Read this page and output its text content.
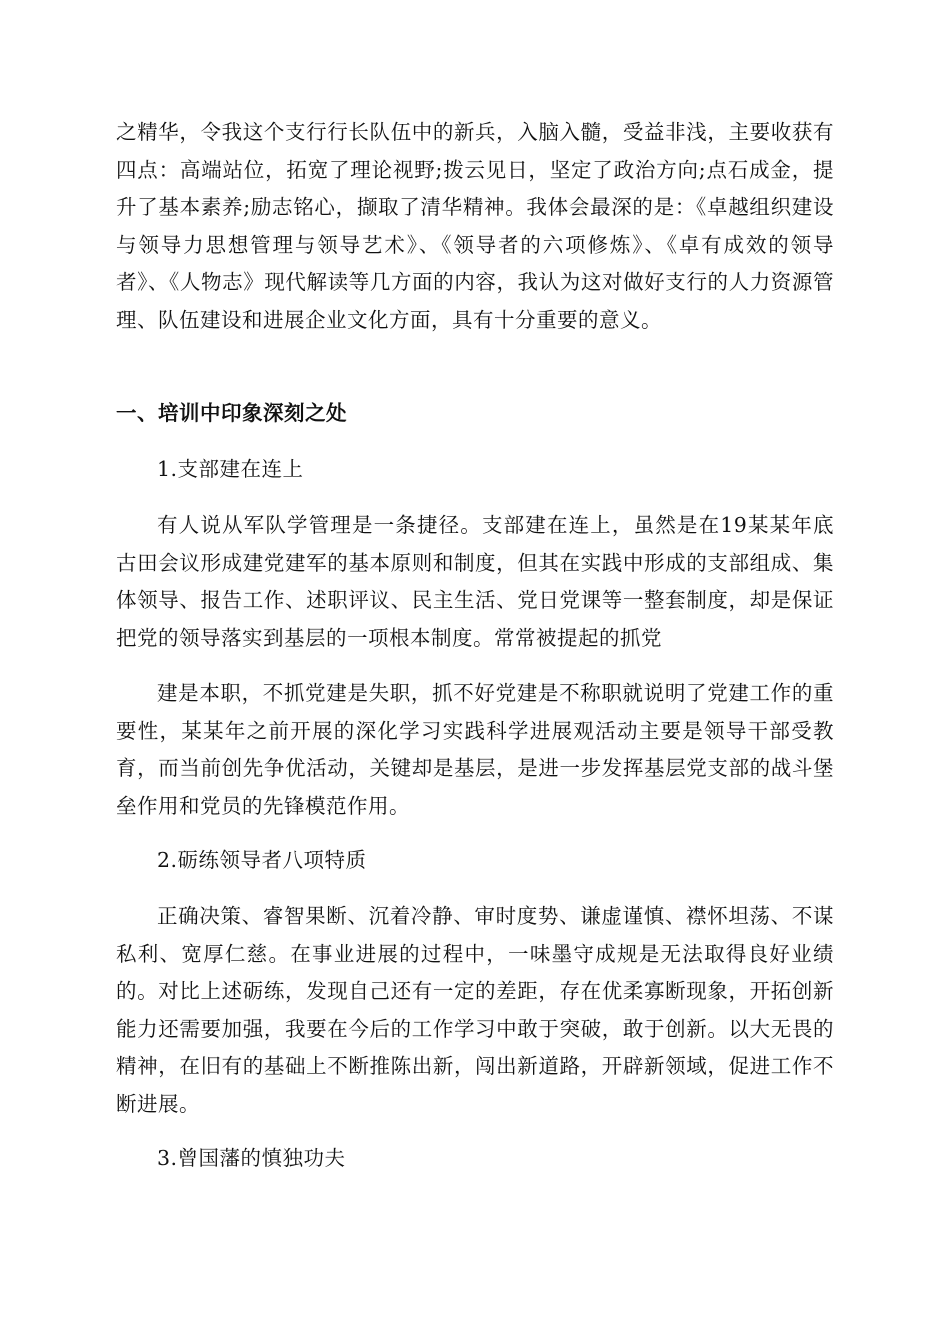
之精华，令我这个支行行长队伍中的新兵，入脑入髓，受益非浅，主要收获有四点：高端站位，拓宽了理论视野;拨云见日，坚定了政治方向;点石成金，提升了基本素养;励志铭心，撷取了清华精神。我体会最深的是：《卓越组织建设与领导力思想管理与领导艺术》、《领导者的六项修炼》、《卓有成效的领导者》、《人物志》现代解读等几方面的内容，我认为这对做好支行的人力资源管理、队伍建设和进展企业文化方面，具有十分重要的意义。

一、培训中印象深刻之处

1.支部建在连上

有人说从军队学管理是一条捷径。支部建在连上，虽然是在19某某年底古田会议形成建党建军的基本原则和制度，但其在实践中形成的支部组成、集体领导、报告工作、述职评议、民主生活、党日党课等一整套制度，却是保证把党的领导落实到基层的一项根本制度。常常被提起的抓党

建是本职，不抓党建是失职，抓不好党建是不称职就说明了党建工作的重要性，某某年之前开展的深化学习实践科学进展观活动主要是领导干部受教育，而当前创先争优活动，关键却是基层，是进一步发挥基层党支部的战斗堡垒作用和党员的先锋模范作用。

2.砺练领导者八项特质

正确决策、睿智果断、沉着冷静、审时度势、谦虚谨慎、襟怀坦荡、不谋私利、宽厚仁慈。在事业进展的过程中，一味墨守成规是无法取得良好业绩的。对比上述砺练，发现自己还有一定的差距，存在优柔寡断现象，开拓创新能力还需要加强，我要在今后的工作学习中敢于突破，敢于创新。以大无畏的精神，在旧有的基础上不断推陈出新，闯出新道路，开辟新领域，促进工作不断进展。

3.曾国藩的慎独功夫
